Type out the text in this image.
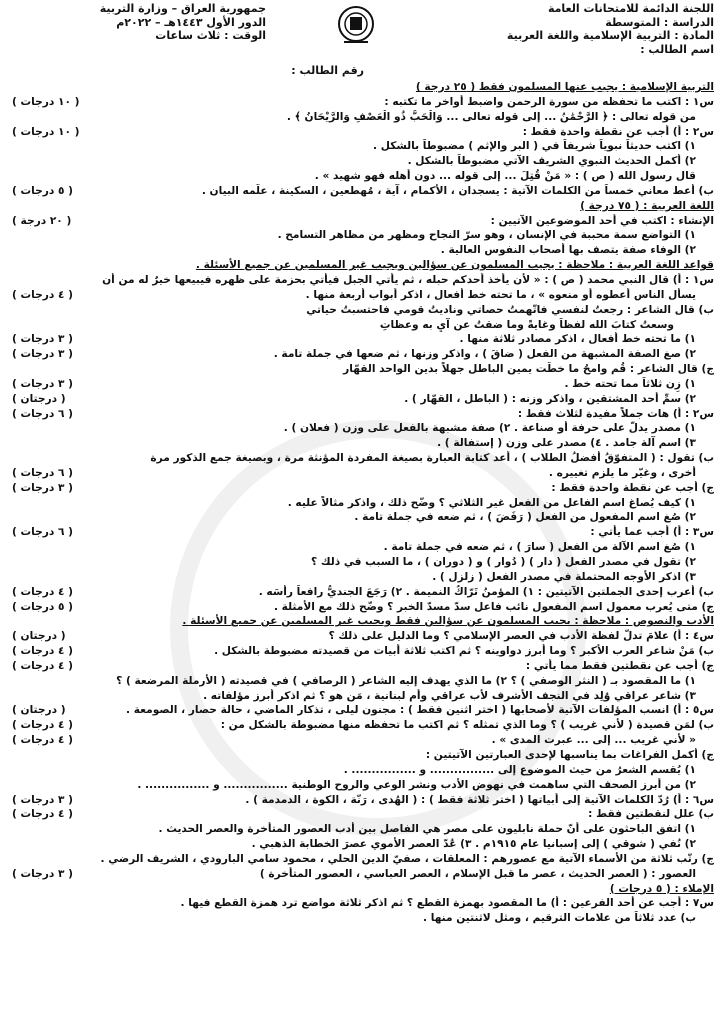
اللجنة الدائمة للامتحانات العامة
الدراسة : المتوسطة
المادة : التربية الإسلامية واللغة العربية
اسم الطالب :
جمهورية العراق – وزارة التربية
الدور الأول ١٤٤٣هـ – ٢٠٢٢م
الوقت : ثلاث ساعات
رقم الطالب :
التربية الإسلامية : يجيب عنها المسلمون فقط ( ٢٥ درجة )
س١ : اكتب ما تحفظه من سورة الرحمن واضبط أواخر ما تكتبه :
( ١٠ درجات )
من قوله تعالى : ﴿ الرَّحْمَٰنُ ... إلى قوله تعالى ... وَالْحَبُّ ذُو الْعَصْفِ وَالرَّيْحَانُ ﴾ .
س٢ : أ) أجب عن نقطة واحدة فقط :
( ١٠ درجات )
١) اكتب حديثاً نبوياً شريفاً في ( البر والإثم ) مضبوطاً بالشكل .
٢) أكمل الحديث النبوي الشريف الآتي مضبوطاً بالشكل .
قال رسول الله ( ص ) : « مَنْ قُتِلَ ... إلى قوله ... دون أهله فهو شهيد » .
ب) أعط معاني خمساً من الكلمات الآتية : يسجدان ، الأكمام ، آية ، مُهطعين ، السكينة ، علّمه البيان .
( ٥ درجات )
اللغة العربية : ( ٧٥ درجة )
الإنشاء : اكتب في أحد الموضوعين الآتيين :
( ٢٠ درجة )
١) التواضع سمة محببة في الإنسان ، وهو سرّ النجاح ومظهر من مظاهر التسامح .
٢) الوفاء صفة يتصف بها أصحاب النفوس العالية .
قواعد اللغة العربية : ملاحظة : يجيب المسلمون عن سؤالين ويجيب غير المسلمين عن جميع الأسئلة .
س١ : أ) قال النبي محمد ( ص ) : « لأن يأخذ أحدكم حبله ، ثم يأتي الجبل فيأتي بحزمة على ظهره فيبيعها خيرٌ له من أن
يسأل الناس أعطوه أو منعوه » ، ما تحته خط أفعال ، اذكر أبواب أربعة منها .
( ٤ درجات )
ب) قال الشاعر : رجعتُ لنفسي فاتّهمتُ حصاتي وناديتُ قومي فاحتسبتُ حياتي
وسعتُ كتابَ الله لفظاً وغايةً وما ضقتُ عن آيٍ به وعظاتِ
١) ما تحته خط أفعال ، اذكر مصادر ثلاثة منها .
( ٣ درجات )
٢) صغ الصفة المشبهة من الفعل ( ضاقَ ) ، واذكر وزنها ، ثم ضعها في جملة تامة .
( ٣ درجات )
ج) قال الشاعر : قُم وامحُ ما خطّت يمين الباطل جهلاً بدين الواحد القهّار
١) زِن ثلاثاً مما تحته خط .
( ٣ درجات )
٢) سمِّ أحد المشتقين ، واذكر وزنه : ( الباطل ، القهّار ) .
( درجتان )
س٢ : أ) هات جملاً مفيدة لثلاث فقط :
( ٦ درجات )
١) مصدر يدلّ على حرفة أو صناعة . ٢) صفة مشبهة بالفعل على وزن ( فعلان ) .
٣) اسم آلة جامد . ٤) مصدر على وزن ( إستفالة ) .
ب) تقول : ( المتفوّقُ أفضلُ الطلاب ) ، أعد كتابة العبارة بصيغة المفردة المؤنثة مرة ، وبصيغة جمع الذكور مرة
أخرى ، وغيّر ما يلزم تغييره .
( ٦ درجات )
ج) أجب عن نقطة واحدة فقط :
( ٣ درجات )
١) كيف يُصاغ اسم الفاعل من الفعل غير الثلاثي ؟ وضّح ذلك ، واذكر مثالاً عليه .
٢) صُغ اسم المفعول من الفعل ( رَفَضَ ) ، ثم ضعه في جملة تامة .
س٣ : أ) أجب عما يأتي :
( ٦ درجات )
١) صُغ اسم الآلة من الفعل ( سارَ ) ، ثم ضعه في جملة تامة .
٢) تقول في مصدر الفعل ( دار ) ( دُوار ) و ( دوران ) ، ما السبب في ذلك ؟
٣) اذكر الأوجه المحتملة في مصدر الفعل ( زلزل ) .
ب) أعرب إحدى الجملتين الآتيتين : ١) المؤمنُ تَرّاكُ النميمة . ٢) رَجَعَ الجنديُّ رافعاً رأسَه .
( ٤ درجات )
ج) متى يُعرب معمول اسم المفعول نائب فاعل سدّ مسدّ الخبر ؟ وضّح ذلك مع الأمثلة .
( ٥ درجات )
الأدب والنصوص : ملاحظة : يجيب المسلمون عن سؤالين فقط ويجيب غير المسلمين عن جميع الأسئلة .
س٤ : أ) علامَ تدلّ لفظة الأدب في العصر الإسلامي ؟ وما الدليل على ذلك ؟
( درجتان )
ب) مَنْ شاعر العرب الأكبر ؟ وما أبرز دواوينه ؟ ثم اكتب ثلاثة أبيات من قصيدته مضبوطة بالشكل .
( ٤ درجات )
ج) أجب عن نقطتين فقط مما يأتي :
( ٤ درجات )
١) ما المقصود بـ ( النثر الوصفي ) ؟ ٢) ما الذي يهدف إليه الشاعر ( الرصافي ) في قصيدته ( الأرملة المرضعة ) ؟
٣) شاعر عراقي وُلِد في النجف الأشرف لأب عراقي وأم لبنانية ، مَن هو ؟ ثم اذكر أبرز مؤلفاته .
س٥ : أ) انسب المؤلفات الآتية لأصحابها ( اختر اثنين فقط ) : مجنون ليلى ، تذكار الماضي ، حالة حصار ، الصومعة .
( درجتان )
ب) لمَن قصيدة ( لأني غريب ) ؟ وما الذي تمثله ؟ ثم اكتب ما تحفظه منها مضبوطة بالشكل من :
( ٤ درجات )
« لأني غريب ... إلى ... عبرت المدى » .
( ٤ درجات )
ج) أكمل الفراغات بما يناسبها لإحدى العبارتين الآتيتين :
١) يُقسم الشعرُ من حيث الموضوع إلى ................ و ................ .
٢) من أبرز الصحف التي ساهمت في نهوض الأدب ونشر الوعي والروح الوطنية ................ و ................ .
س٦ : أ) رُدّ الكلمات الآتية إلى أبياتها ( اختر ثلاثة فقط ) : ( الهُدى ، رَنّة ، الكوة ، الدمدمة ) .
( ٣ درجات )
ب) علل لنقطتين فقط :
( ٤ درجات )
١) اتفق الباحثون على أنّ حملة نابليون على مصر هي الفاصل بين أدب العصور المتأخرة والعصر الحديث .
٢) نُفي ( شوقي ) إلى إسبانيا عام ١٩١٥م . ٣) عُدّ العصر الأموي عصرَ الخطابة الذهبي .
ج) رتّب ثلاثة من الأسماء الآتية مع عصورهم : المعلقات ، صفيّ الدين الحلي ، محمود سامي البارودي ، الشريف الرضي .
العصور : ( العصر الحديث ، عصر ما قبل الإسلام ، العصر العباسي ، العصور المتأخرة )
( ٣ درجات )
الإملاء : ( ٥ درجات )
س٧ : أجب عن أحد الفرعين : أ) ما المقصود بهمزة القطع ؟ ثم اذكر ثلاثة مواضع ترد همزة القطع فيها .
ب) عدد ثلاثاً من علامات الترقيم ، ومثل لاثنتين منها .
